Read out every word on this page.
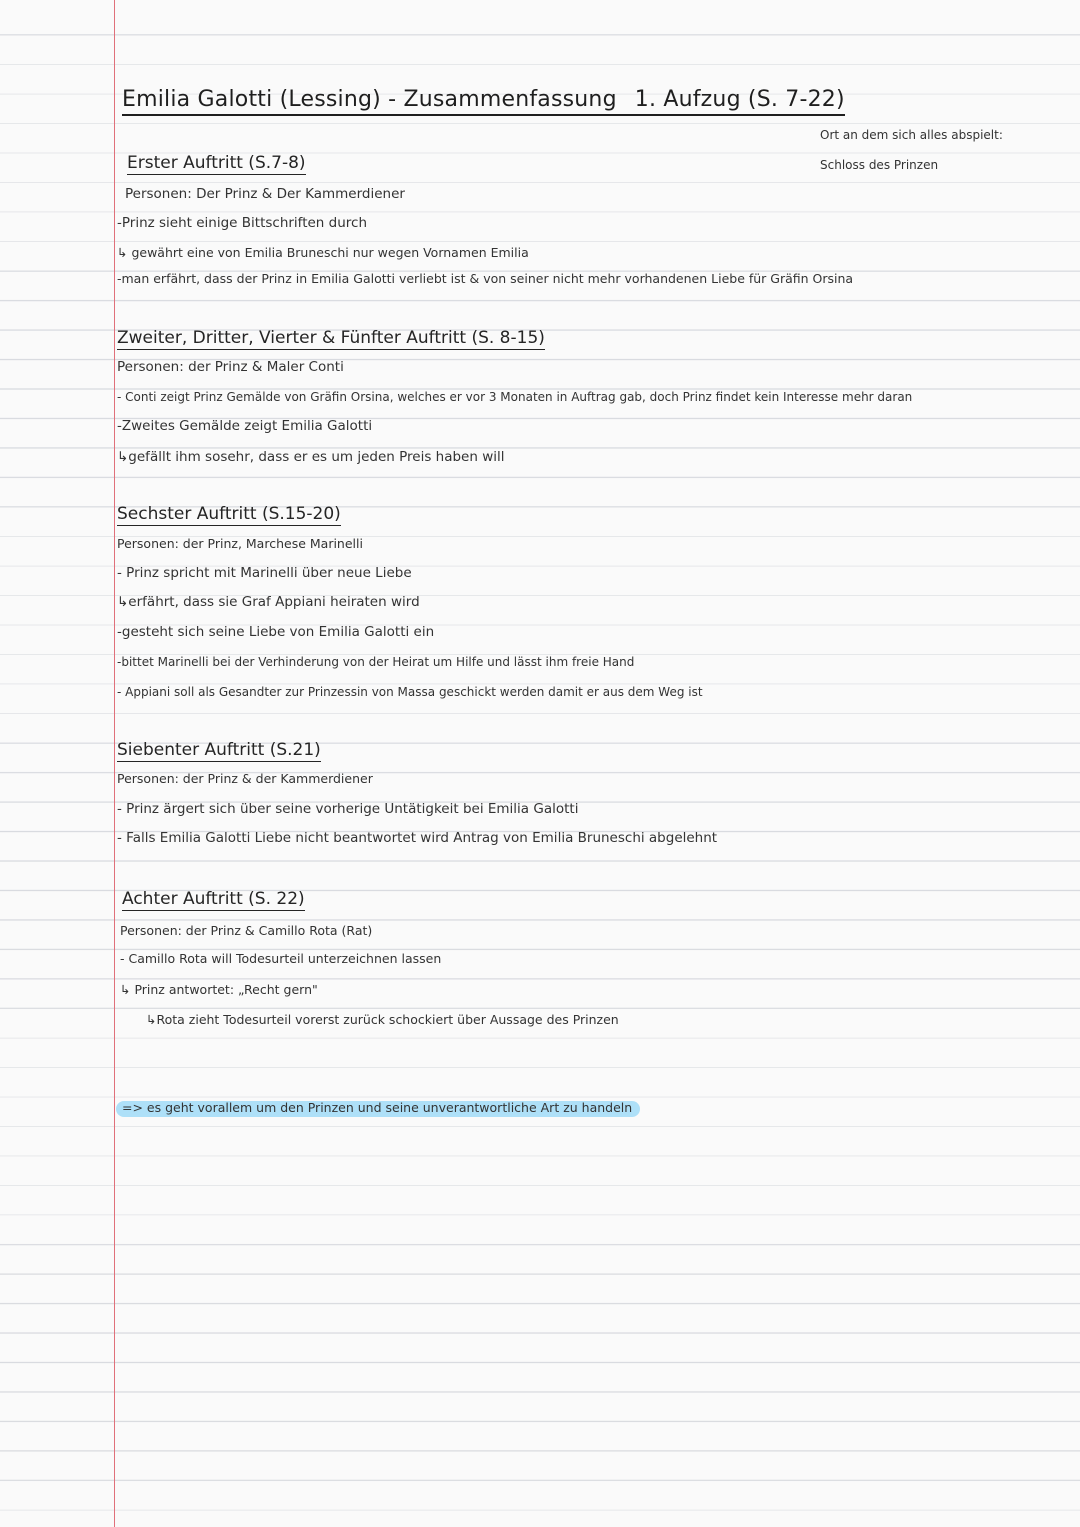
Emilia Galotti (Lessing) - Zusammenfassung 1. Aufzug (S. 7-22)
Ort an dem sich alles abspielt:
Schloss des Prinzen
Erster Auftritt (S.7-8)
Personen: Der Prinz & Der Kammerdiener
-Prinz sieht einige Bittschriften durch
↳ gewährt eine von Emilia Bruneschi nur wegen Vornamen Emilia
-man erfährt, dass der Prinz in Emilia Galotti verliebt ist & von seiner nicht mehr vorhandenen Liebe für Gräfin Orsina
Zweiter, Dritter, Vierter & Fünfter Auftritt (S. 8-15)
Personen: der Prinz & Maler Conti
- Conti zeigt Prinz Gemälde von Gräfin Orsina, welches er vor 3 Monaten in Auftrag gab, doch Prinz findet kein Interesse mehr daran
-Zweites Gemälde zeigt Emilia Galotti
↳gefällt ihm sosehr, dass er es um jeden Preis haben will
Sechster Auftritt (S.15-20)
Personen: der Prinz, Marchese Marinelli
- Prinz spricht mit Marinelli über neue Liebe
↳erfährt, dass sie Graf Appiani heiraten wird
-gesteht sich seine Liebe von Emilia Galotti ein
-bittet Marinelli bei der Verhinderung von der Heirat um Hilfe und lässt ihm freie Hand
- Appiani soll als Gesandter zur Prinzessin von Massa geschickt werden damit er aus dem Weg ist
Siebenter Auftritt (S.21)
Personen: der Prinz & der Kammerdiener
- Prinz ärgert sich über seine vorherige Untätigkeit bei Emilia Galotti
- Falls Emilia Galotti Liebe nicht beantwortet wird Antrag von Emilia Bruneschi abgelehnt
Achter Auftritt (S. 22)
Personen: der Prinz & Camillo Rota (Rat)
- Camillo Rota will Todesurteil unterzeichnen lassen
↳ Prinz antwortet: „Recht gern"
↳Rota zieht Todesurteil vorerst zurück schockiert über Aussage des Prinzen
=> es geht vorallem um den Prinzen und seine unverantwortliche Art zu handeln
